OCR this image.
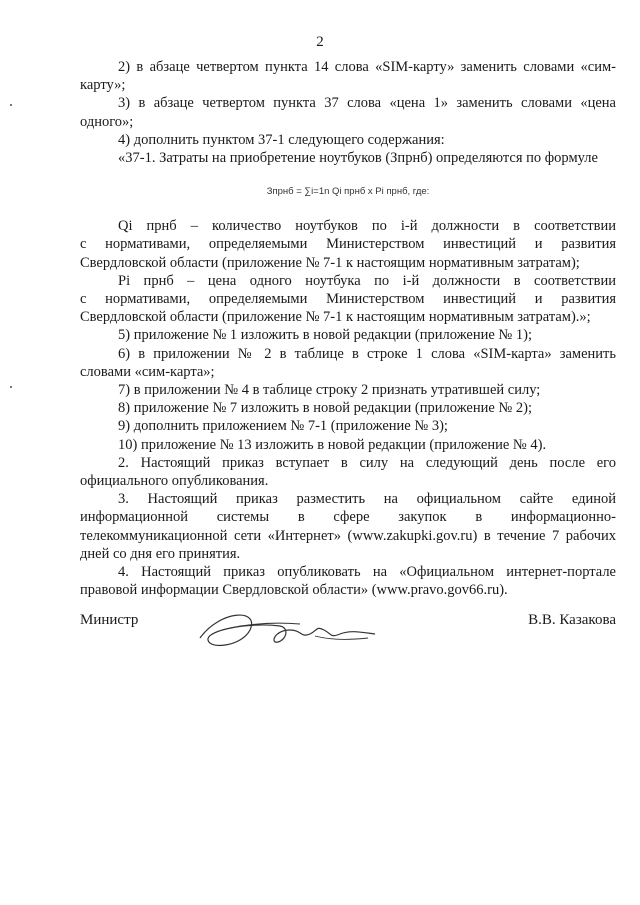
2

2) в абзаце четвертом пункта 14 слова «SIM-карту» заменить словами «сим-

карту»;

3) в абзаце четвертом пункта 37 слова «цена 1» заменить словами «цена

одного»;

4) дополнить пунктом 37-1 следующего содержания:

«37-1. Затраты на приобретение ноутбуков (Зпрнб) определяются по формуле

Зпрнб = ∑i=1n Qi прнб x Pi прнб, где:

Qi прнб – количество ноутбуков по i-й должности в соответствии

с нормативами, определяемыми Министерством инвестиций и развития

Свердловской области (приложение № 7-1 к настоящим нормативным затратам);

Pi прнб – цена одного ноутбука по i-й должности в соответствии

с нормативами, определяемыми Министерством инвестиций и развития

Свердловской области (приложение № 7-1 к настоящим нормативным затратам).»;

5) приложение № 1 изложить в новой редакции (приложение № 1);

6) в приложении № 2 в таблице в строке 1 слова «SIM-карта» заменить

словами «сим-карта»;

7) в приложении № 4 в таблице строку 2 признать утратившей силу;

8) приложение № 7 изложить в новой редакции (приложение № 2);

9) дополнить приложением № 7-1 (приложение № 3);

10) приложение № 13 изложить в новой редакции (приложение № 4).

2. Настоящий приказ вступает в силу на следующий день после его

официального опубликования.

3. Настоящий приказ разместить на официальном сайте единой

информационной системы в сфере закупок в информационно-

телекоммуникационной сети «Интернет» (www.zakupki.gov.ru) в течение 7 рабочих

дней со дня его принятия.

4. Настоящий приказ опубликовать на «Официальном интернет-портале

правовой информации Свердловской области» (www.pravo.gov66.ru).

Министр	В.В. Казакова
